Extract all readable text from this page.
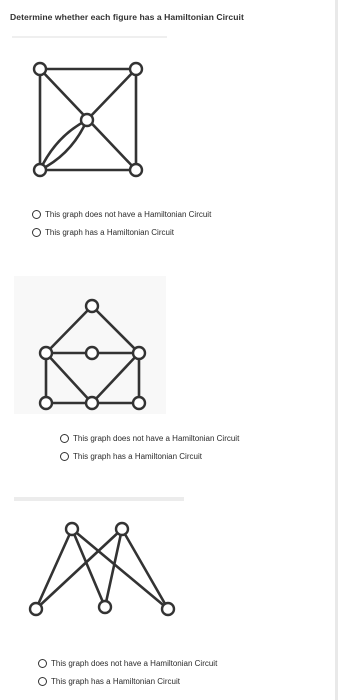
Determine whether each figure has a Hamiltonian Circuit
This graph does not have a Hamiltonian Circuit
This graph has a Hamiltonian Circuit
This graph does not have a Hamiltonian Circuit
This graph has a Hamiltonian Circuit
This graph does not have a Hamiltonian Circuit
This graph has a Hamiltonian Circuit
